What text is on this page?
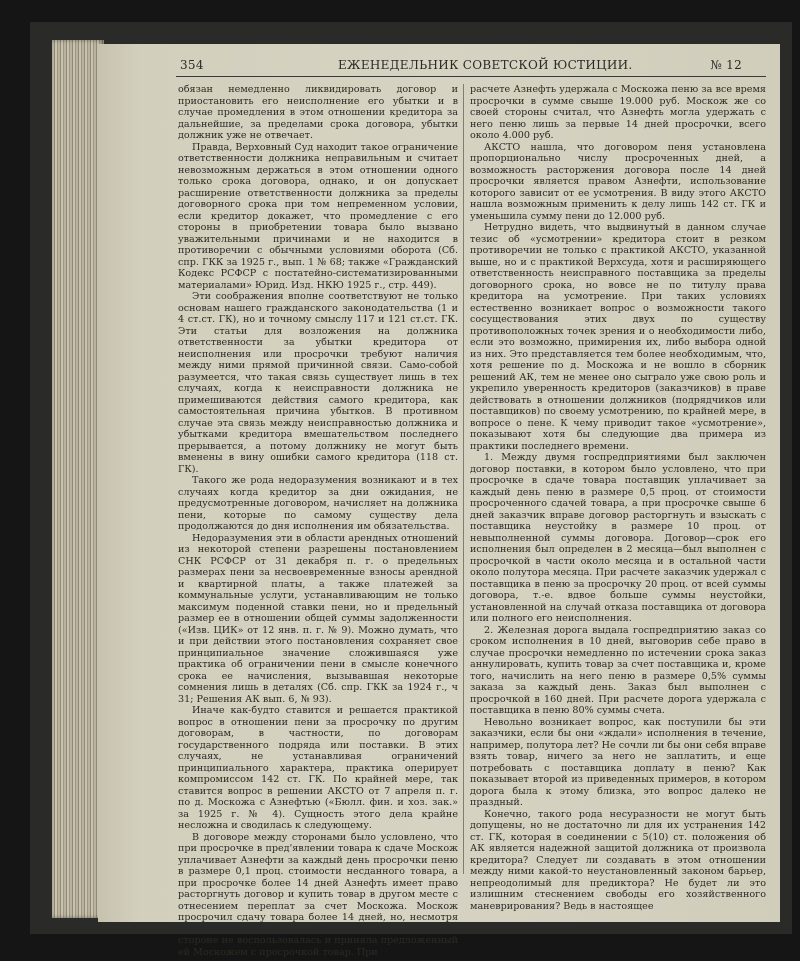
354	ЕЖЕНЕДЕЛЬНИК СОВЕТСКОЙ ЮСТИЦИИ.	№ 12

обязан немедленно ликвидировать договор и приостановить его неисполнение его убытки и в случае промедления в этом отношении кредитора за дальнейшие, за пределами срока договора, убытки должник уже не отвечает.

Правда, Верховный Суд находит такое ограничение ответственности должника неправильным и считает невозможным держаться в этом отношении одного только срока договора, однако, и он допускает расширение ответственности должника за пределы договорного срока при том непременном условии, если кредитор докажет, что промедление с его стороны в приобретении товара было вызвано уважительными причинами и не находится в противоречии с обычными условиями оборота (Сб. спр. ГКК за 1925 г., вып. 1 № 68; также «Гражданский Кодекс РСФСР с постатейно-систематизированными материалами» Юрид. Изд. НКЮ 1925 г., стр. 449).

Эти соображения вполне соответствуют не только основам нашего гражданского законодательства (1 и 4 ст.ст. ГК), но и точному смыслу 117 и 121 ст.ст. ГК. Эти статьи для возложения на должника ответственности за убытки кредитора от неисполнения или просрочки требуют наличия между ними прямой причинной связи. Само-собой разумеется, что такая связь существует лишь в тех случаях, когда к неисправности должника не примешиваются действия самого кредитора, как самостоятельная причина убытков. В противном случае эта связь между неисправностью должника и убытками кредитора вмешательством последнего прерывается, а потому должнику не могут быть вменены в вину ошибки самого кредитора (118 ст. ГК).

Такого же рода недоразумения возникают и в тех случаях когда кредитор за дни ожидания, не предусмотренные договором, начисляет на должника пени, которые по самому существу дела продолжаются до дня исполнения им обязательства.

Недоразумения эти в области арендных отношений из некоторой степени разрешены постановлением СНК РСФСР от 31 декабря п. г. о предельных размерах пени за несвоевременные взносы арендной и квартирной платы, а также платежей за коммунальные услуги, устанавливающим не только максимум поденной ставки пени, но и предельный размер ее в отношении общей суммы задолженности («Изв. ЦИК» от 12 янв. п. г. № 9). Можно думать, что и при действии этого постановления сохраняет свое принципиальное значение сложившаяся уже практика об ограничении пени в смысле конечного срока ее начисления, вызывавшая некоторые сомнения лишь в деталях (Сб. спр. ГКК за 1924 г., ч 31; Решения АК вып. 6, № 93).

Иначе как-будто ставится и решается практикой вопрос в отношении пени за просрочку по другим договорам, в частности, по договорам государственного подряда или поставки. В этих случаях, не устанавливая ограничений принципиального характера, практика оперирует компромиссом 142 ст. ГК. По крайней мере, так ставится вопрос в решении АКСТО от 7 апреля п. г. по д. Москожа с Азнефтью («Бюлл. фин. и хоз. зак.» за 1925 г. № 4). Сущность этого дела крайне несложна и сводилась к следующему.

В договоре между сторонами было условлено, что при просрочке в пред'явлении товара к сдаче Москож уплачивает Азнефти за каждый день просрочки пеню в размере 0,1 проц. стоимости несданного товара, а при просрочке более 14 дней Азнефть имеет право расторгнуть договор и купить товар в другом месте с отнесением переплат за счет Москожа. Москож просрочил сдачу товара более 14 дней, но, несмотря на это, Азнефть своим правом покупки товара на стороне не воспользовалась и приняла предложенный ей Москожем с просрочкой товар. При

расчете Азнефть удержала с Москожа пеню за все время просрочки в сумме свыше 19.000 руб. Москож же со своей стороны считал, что Азнефть могла удержать с него пеню лишь за первые 14 дней просрочки, всего около 4.000 руб.

АКСТО нашла, что договором пеня установлена пропорционально числу просроченных дней, а возможность расторжения договора после 14 дней просрочки является правом Азнефти, использование которого зависит от ее усмотрения. В виду этого АКСТО нашла возможным применить к делу лишь 142 ст. ГК и уменьшила сумму пени до 12.000 руб.

Нетрудно видеть, что выдвинутый в данном случае тезис об «усмотрении» кредитора стоит в резком противоречии не только с практикой АКСТО, указанной выше, но и с практикой Верхсуда, хотя и расширяющего ответственность неисправного поставщика за пределы договорного срока, но вовсе не по титулу права кредитора на усмотрение. При таких условиях естественно возникает вопрос о возможности такого сосуществования этих двух по существу противоположных точек зрения и о необходимости либо, если это возможно, примирения их, либо выбора одной из них. Это представляется тем более необходимым, что, хотя решение по д. Москожа и не вошло в сборник решений АК, тем не менее оно сыграло уже свою роль и укрепило уверенность кредиторов (заказчиков) в праве действовать в отношении должников (подрядчиков или поставщиков) по своему усмотрению, по крайней мере, в вопросе о пене. К чему приводит такое «усмотрение», показывают хотя бы следующие два примера из практики последнего времени.

1. Между двумя госпредприятиями был заключен договор поставки, в котором было условлено, что при просрочке в сдаче товара поставщик уплачивает за каждый день пеню в размере 0,5 проц. от стоимости просроченного сдачей товара, а при просрочке свыше 6 дней заказчик вправе договор расторгнуть и взыскать с поставщика неустойку в размере 10 проц. от невыполненной суммы договора. Договор—срок его исполнения был определен в 2 месяца—был выполнен с просрочкой в части около месяца и в остальной части около полутора месяца. При расчете заказчик удержал с поставщика в пеню за просрочку 20 проц. от всей суммы договора, т.-е. вдвое больше суммы неустойки, установленной на случай отказа поставщика от договора или полного его неисполнения.

2. Железная дорога выдала госпредприятию заказ со сроком исполнения в 10 дней, выговорив себе право в случае просрочки немедленно по истечении срока заказ аннулировать, купить товар за счет поставщика и, кроме того, начислить на него пеню в размере 0,5% суммы заказа за каждый день. Заказ был выполнен с просрочкой в 160 дней. При расчете дорога удержала с поставщика в пеню 80% суммы счета.

Невольно возникает вопрос, как поступили бы эти заказчики, если бы они «ждали» исполнения в течение, например, полутора лет? Не сочли ли бы они себя вправе взять товар, ничего за него не заплатить, и еще потребовать с поставщика доплату в пеню? Как показывает второй из приведенных примеров, в котором дорога была к этому близка, это вопрос далеко не праздный.

Конечно, такого рода несуразности не могут быть допущены, но не достаточно ли для их устранения 142 ст. ГК, которая в соединении с 5(10) ст. положения об АК является надежной защитой должника от произвола кредитора? Следует ли создавать в этом отношении между ними какой-то неустановленный законом барьер, непреодолимый для предиктора? Не будет ли это излишним стеснением свободы его хозяйственного маневрирования? Ведь в настоящее
